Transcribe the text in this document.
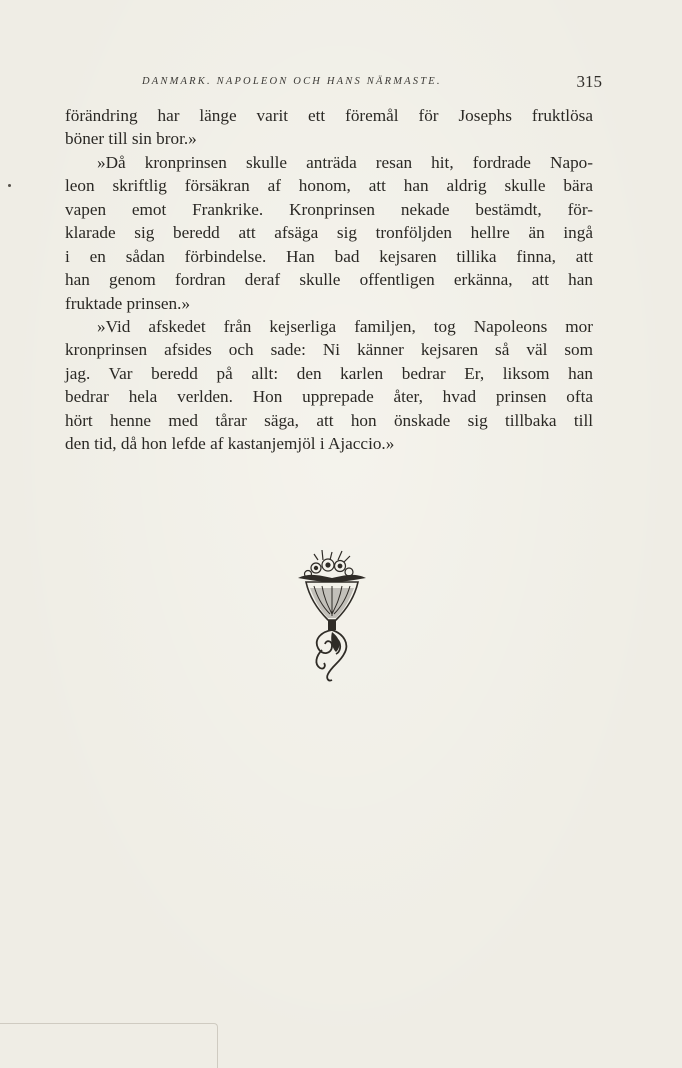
DANMARK. NAPOLEON OCH HANS NÄRMASTE.	315
förändring har länge varit ett föremål för Josephs fruktlösa
böner till sin bror.»
»Då kronprinsen skulle anträda resan hit, fordrade Napo-
leon skriftlig försäkran af honom, att han aldrig skulle bära
vapen emot Frankrike. Kronprinsen nekade bestämdt, för-
klarade sig beredd att afsäga sig tronföljden hellre än ingå
i en sådan förbindelse. Han bad kejsaren tillika finna, att
han genom fordran deraf skulle offentligen erkänna, att han
fruktade prinsen.»
»Vid afskedet från kejserliga familjen, tog Napoleons mor
kronprinsen afsides och sade: Ni känner kejsaren så väl som
jag. Var beredd på allt: den karlen bedrar Er, liksom han
bedrar hela verlden. Hon upprepade åter, hvad prinsen ofta
hört henne med tårar säga, att hon önskade sig tillbaka till
den tid, då hon lefde af kastanjemjöl i Ajaccio.»
